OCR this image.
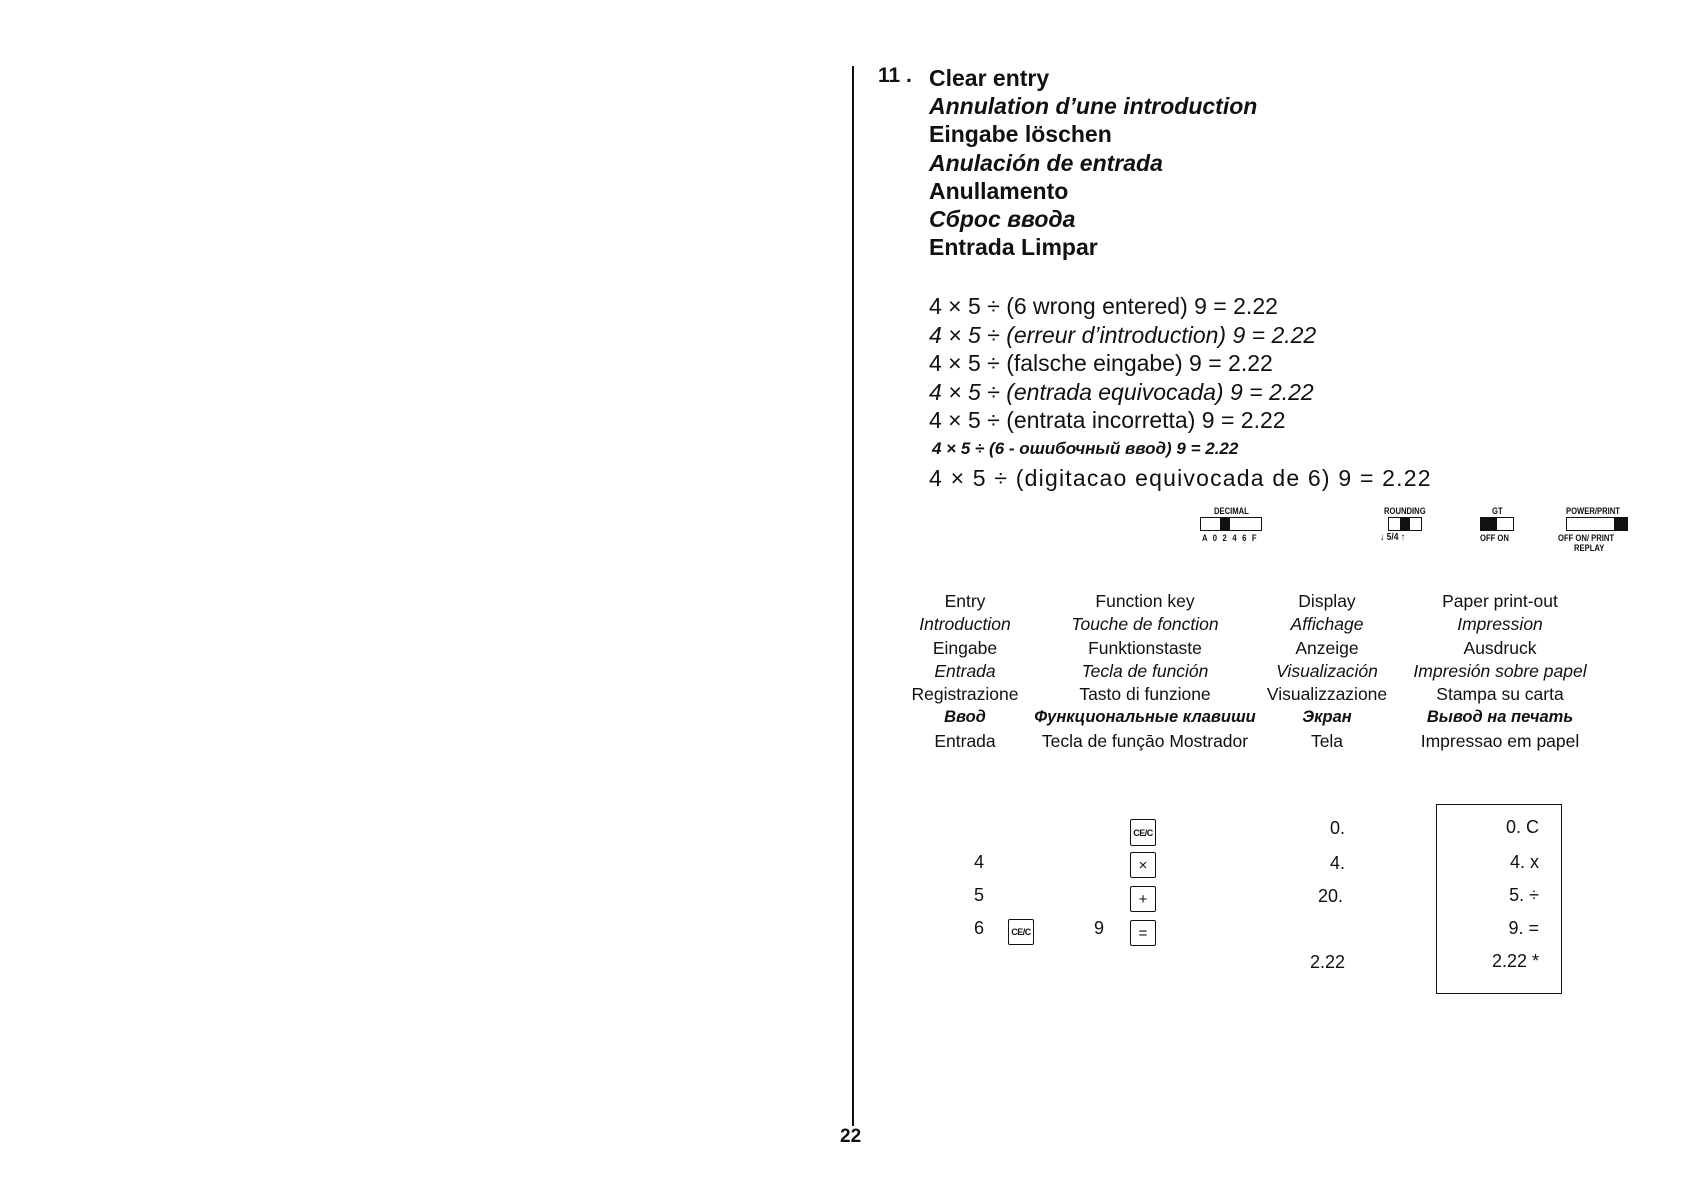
22
11 . Clear entry
Annulation d’une introduction
Eingabe löschen
Anulación de entrada
Anullamento
Сброс ввода
Entrada Limpar
4 × 5 ÷ (6 wrong entered) 9 = 2.22
4 × 5 ÷ (erreur d’introduction) 9 = 2.22
4 × 5 ÷ (falsche eingabe) 9 = 2.22
4 × 5 ÷ (entrada equivocada) 9 = 2.22
4 × 5 ÷ (entrata incorretta) 9 = 2.22
4 × 5 ÷ (6 - ошибочный ввод) 9 = 2.22
4 × 5 ÷ (digitacao equivocada de 6) 9 = 2.22
DECIMAL
A 0 2 4 6 F
ROUNDING
↓ 5/4 ↑
GT
OFF ON
POWER/PRINT
OFF ON/ PRINT
REPLAY
Entry
Introduction
Eingabe
Entrada
Registrazione
Ввод
Entrada
Function key
Touche de fonction
Funktionstaste
Tecla de función
Tasto di funzione
Функциональные клавиши
Tecla de funçāo Mostrador
Display
Affichage
Anzeige
Visualización
Visualizzazione
Экран
Tela
Paper print-out
Impression
Ausdruck
Impresión sobre papel
Stampa su carta
Вывод на печать
Impressao em papel
4
5
6	CE/C	9
CE/C
×
+
=
0.
4.
20.
2.22
0. C
4. x
5. ÷
9. =
2.22 *
